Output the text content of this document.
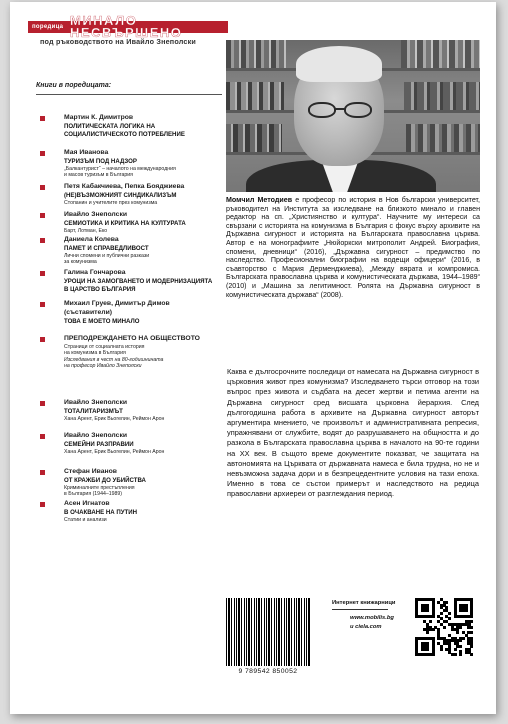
поредица МИНАЛО НЕСВЪРШЕНО
под ръководството на Ивайло Знеполски
Книги в поредицата:
Мартин К. Димитров
ПОЛИТИЧЕСКАТА ЛОГИКА НА
СОЦИАЛИСТИЧЕСКОТО ПОТРЕБЛЕНИЕ
Мая Иванова
ТУРИЗЪМ ПОД НАДЗОР
„Балкантурист“ – началото на международния
и масов туризъм в България
Петя Кабакчиева, Пепка Бояджиева
(НЕ)ВЪЗМОЖНИЯТ СИНДИКАЛИЗЪМ
Стопанин и учителите през комунизма
Ивайло Знеполски
СЕМИОТИКА И КРИТИКА НА КУЛТУРАТА
Барт, Лотман, Еко
Даниела Колева
ПАМЕТ И СПРАВЕДЛИВОСТ
Лични спомени и публични разкази
за комунизма
Галина Гончарова
УРОЦИ НА ЗАМОГВАНЕТО И МОДЕРНИЗАЦИЯТА
В ЦАРСТВО БЪЛГАРИЯ
Михаил Груев, Димитър Димов
(съставители)
ТОВА Е МОЕТО МИНАЛО
ПРЕПОДРЕЖДАНЕТО НА ОБЩЕСТВОТО
Страници от социалната история
на комунизма в България
Изследвания в чест на 80-годишнината
на професор Ивайло Знеполски
Ивайло Знеполски
ТОТАЛИТАРИЗМЪТ
Хана Арент, Ерик Вьогелин, Реймон Арон
Ивайло Знеполски
СЕМЕЙНИ РАЗПРАВИИ
Хана Арент, Ерик Вьогелин, Реймон Арон
Стефан Иванов
ОТ КРАЖБИ ДО УБИЙСТВА
Криминалните престъпления
в България (1944–1989)
Асен Игнатов
В ОЧАКВАНЕ НА ПУТИН
Статии и анализи
Момчил Методиев е професор по история в Нов български университет, ръководител на Института за изследване на близкото минало и главен редактор на сп. „Християнство и култура“. Научните му интереси са свързани с историята на комунизма в България с фокус върху архивите на Държавна сигурност и историята на Българската православна църква. Автор е на монографиите „Нюйоркски митрополит Андрей. Биография, спомени, дневници“ (2016), „Държавна сигурност – предимство по наследство. Професионални биографии на водещи офицери“ (2016, в съавторство с Мария Дерменджиева), „Между вярата и компромиса. Българската православна църква и комунистическата държава, 1944–1989“ (2010) и „Машина за легитимност. Ролята на Държавна сигурност в комунистическата държава“ (2008).
Каква е дългосрочните последици от намесата на Държавна сигурност в църковния живот през комунизма? Изследването търси отговор на този въпрос през живота и съдбата на десет жертви и петима агенти на Държавна сигурност сред висшата църковна йерархия. След дългогодишна работа в архивите на Държавна сигурност авторът аргументира мнението, че произволът и административната репресия, упражнявани от службите, водят до разрушаването на общността и до разкола в Българската православна църква в началото на 90-те години на XX век. В същото време документите показват, че защитата на автономията на Църквата от държавната намеса е била трудна, но не и невъзможна задача дори и в безпрецедентните условия на тази епоха. Именно в това се състои примерът и наследството на редица православни архиереи от разглеждания период.
9 789542 850052
Интернет книжарници
www.mobilis.bg
и ciela.com
